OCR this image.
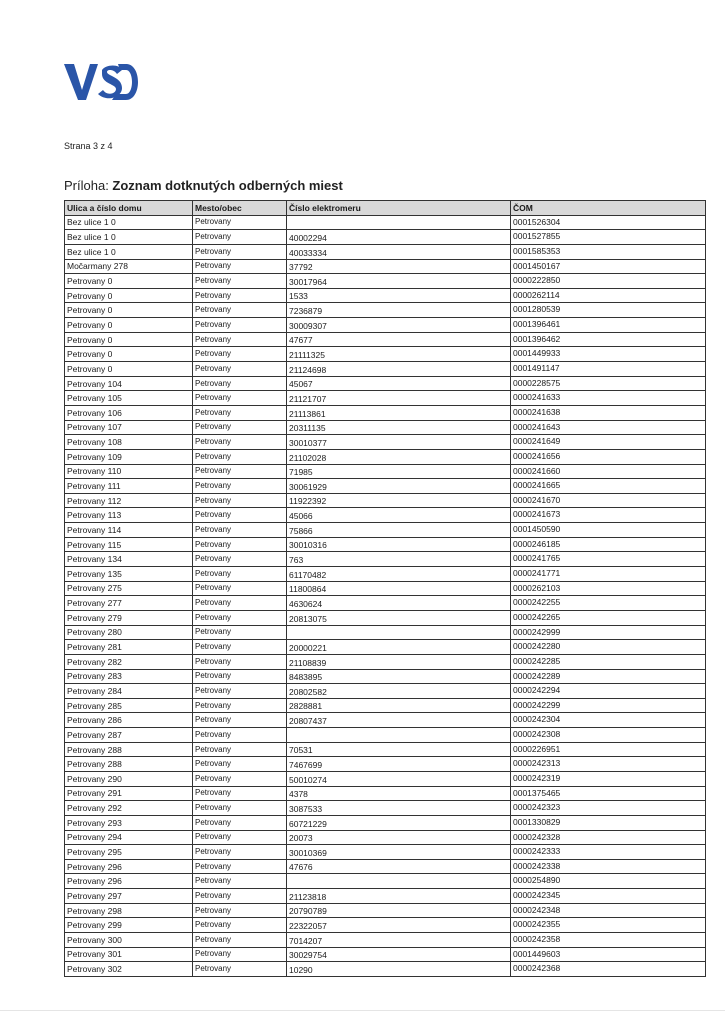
Strana 3 z 4
Príloha: Zoznam dotknutých odberných miest
Ulica a číslo domu	Mesto/obec	Číslo elektromeru	ČOM
Bez ulice 1 0	Petrovany		0001526304
Bez ulice 1 0	Petrovany	40002294	0001527855
Bez ulice 1 0	Petrovany	40033334	0001585353
Močarmany 278	Petrovany	37792	0001450167
Petrovany 0	Petrovany	30017964	0000222850
Petrovany 0	Petrovany	1533	0000262114
Petrovany 0	Petrovany	7236879	0001280539
Petrovany 0	Petrovany	30009307	0001396461
Petrovany 0	Petrovany	47677	0001396462
Petrovany 0	Petrovany	21111325	0001449933
Petrovany 0	Petrovany	21124698	0001491147
Petrovany 104	Petrovany	45067	0000228575
Petrovany 105	Petrovany	21121707	0000241633
Petrovany 106	Petrovany	21113861	0000241638
Petrovany 107	Petrovany	20311135	0000241643
Petrovany 108	Petrovany	30010377	0000241649
Petrovany 109	Petrovany	21102028	0000241656
Petrovany 110	Petrovany	71985	0000241660
Petrovany 111	Petrovany	30061929	0000241665
Petrovany 112	Petrovany	11922392	0000241670
Petrovany 113	Petrovany	45066	0000241673
Petrovany 114	Petrovany	75866	0001450590
Petrovany 115	Petrovany	30010316	0000246185
Petrovany 134	Petrovany	763	0000241765
Petrovany 135	Petrovany	61170482	0000241771
Petrovany 275	Petrovany	11800864	0000262103
Petrovany 277	Petrovany	4630624	0000242255
Petrovany 279	Petrovany	20813075	0000242265
Petrovany 280	Petrovany		0000242999
Petrovany 281	Petrovany	20000221	0000242280
Petrovany 282	Petrovany	21108839	0000242285
Petrovany 283	Petrovany	8483895	0000242289
Petrovany 284	Petrovany	20802582	0000242294
Petrovany 285	Petrovany	2828881	0000242299
Petrovany 286	Petrovany	20807437	0000242304
Petrovany 287	Petrovany		0000242308
Petrovany 288	Petrovany	70531	0000226951
Petrovany 288	Petrovany	7467699	0000242313
Petrovany 290	Petrovany	50010274	0000242319
Petrovany 291	Petrovany	4378	0001375465
Petrovany 292	Petrovany	3087533	0000242323
Petrovany 293	Petrovany	60721229	0001330829
Petrovany 294	Petrovany	20073	0000242328
Petrovany 295	Petrovany	30010369	0000242333
Petrovany 296	Petrovany	47676	0000242338
Petrovany 296	Petrovany		0000254890
Petrovany 297	Petrovany	21123818	0000242345
Petrovany 298	Petrovany	20790789	0000242348
Petrovany 299	Petrovany	22322057	0000242355
Petrovany 300	Petrovany	7014207	0000242358
Petrovany 301	Petrovany	30029754	0001449603
Petrovany 302	Petrovany	10290	0000242368
